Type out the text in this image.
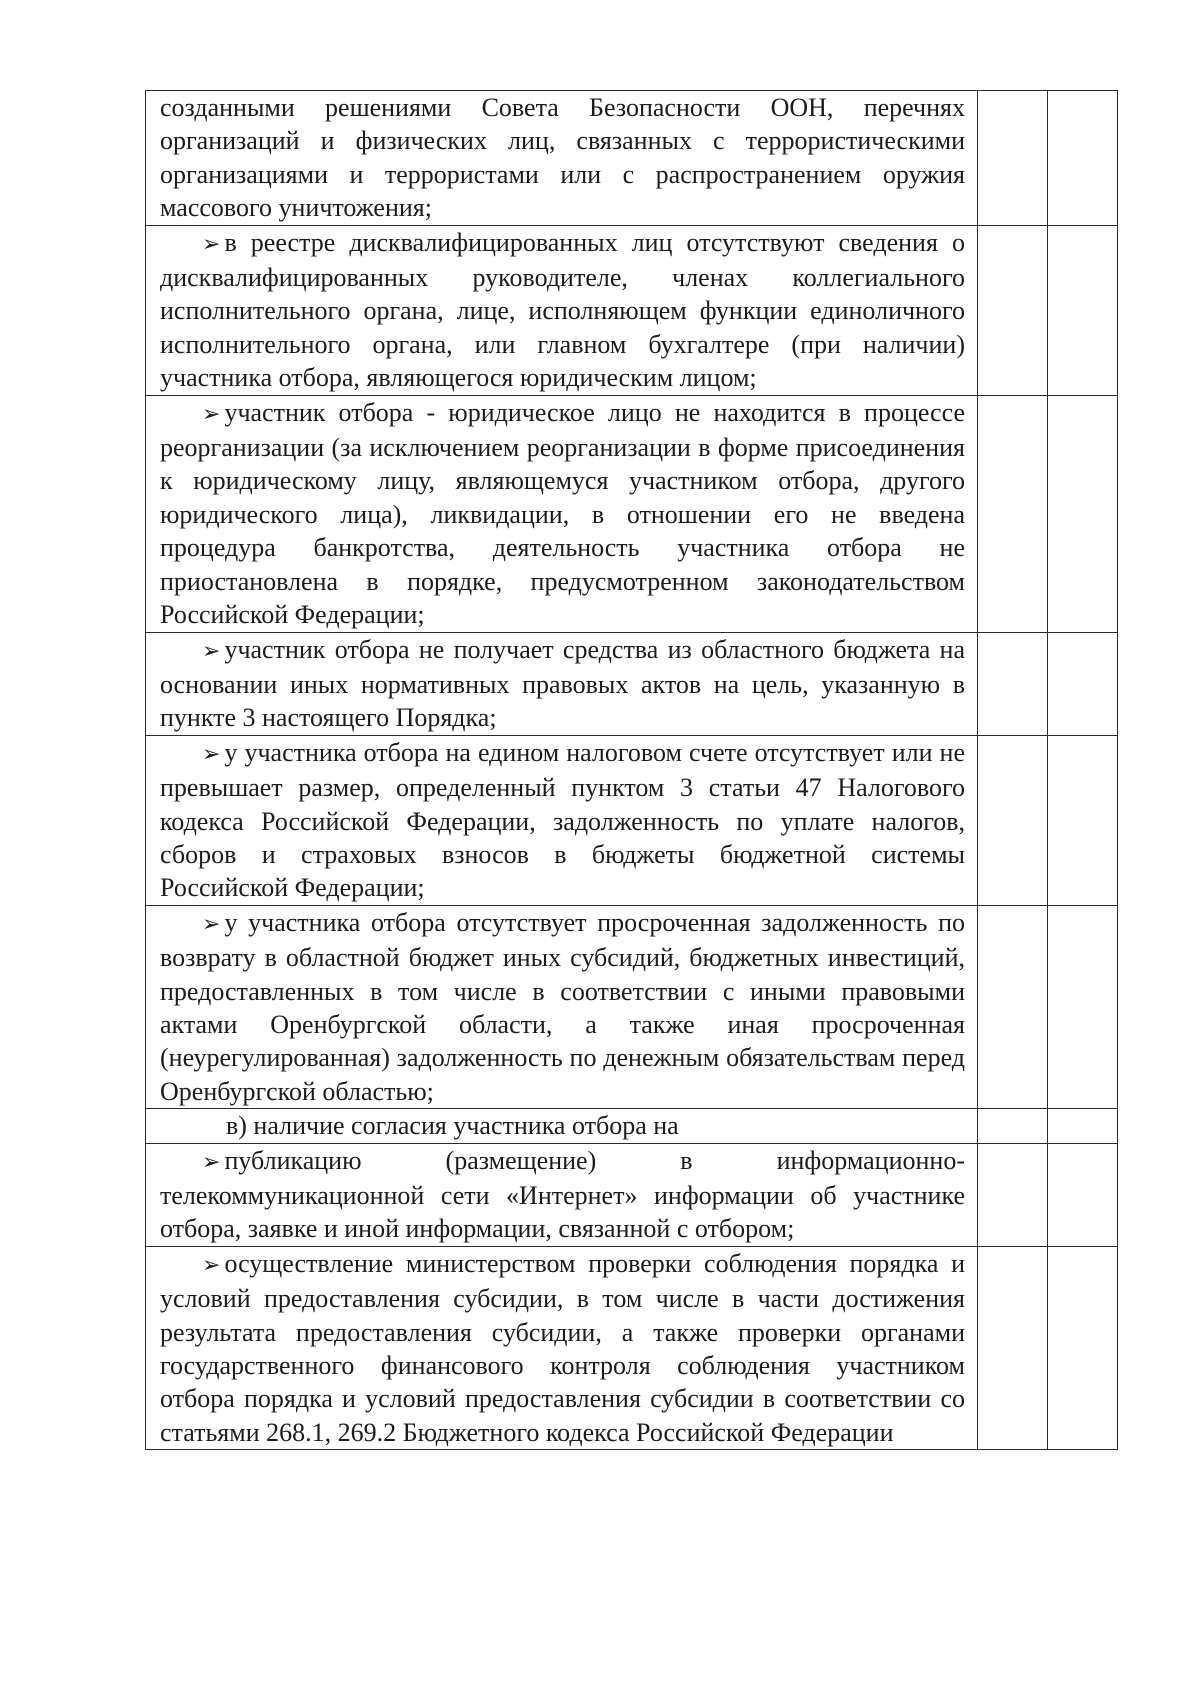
созданными решениями Совета Безопасности ООН, перечнях организаций и физических лиц, связанных с террористическими организациями и террористами или с распространением оружия массового уничтожения;		

➢ в реестре дисквалифицированных лиц отсутствуют сведения о дисквалифицированных руководителе, членах коллегиального исполнительного органа, лице, исполняющем функции единоличного исполнительного органа, или главном бухгалтере (при наличии) участника отбора, являющегося юридическим лицом;		

➢ участник отбора - юридическое лицо не находится в процессе реорганизации (за исключением реорганизации в форме присоединения к юридическому лицу, являющемуся участником отбора, другого юридического лица), ликвидации, в отношении его не введена процедура банкротства, деятельность участника отбора не приостановлена в порядке, предусмотренном законодательством Российской Федерации;		

➢ участник отбора не получает средства из областного бюджета на основании иных нормативных правовых актов на цель, указанную в пункте 3 настоящего Порядка;		

➢ у участника отбора на едином налоговом счете отсутствует или не превышает размер, определенный пунктом 3 статьи 47 Налогового кодекса Российской Федерации, задолженность по уплате налогов, сборов и страховых взносов в бюджеты бюджетной системы Российской Федерации;		

➢ у участника отбора отсутствует просроченная задолженность по возврату в областной бюджет иных субсидий, бюджетных инвестиций, предоставленных в том числе в соответствии с иными правовыми актами Оренбургской области, а также иная просроченная (неурегулированная) задолженность по денежным обязательствам перед Оренбургской областью;		

в) наличие согласия участника отбора на		

➢ публикацию (размещение) в информационно-телекоммуникационной сети «Интернет» информации об участнике отбора, заявке и иной информации, связанной с отбором;		

➢ осуществление министерством проверки соблюдения порядка и условий предоставления субсидии, в том числе в части достижения результата предоставления субсидии, а также проверки органами государственного финансового контроля соблюдения участником отбора порядка и условий предоставления субсидии в соответствии со статьями 268.1, 269.2 Бюджетного кодекса Российской Федерации		
